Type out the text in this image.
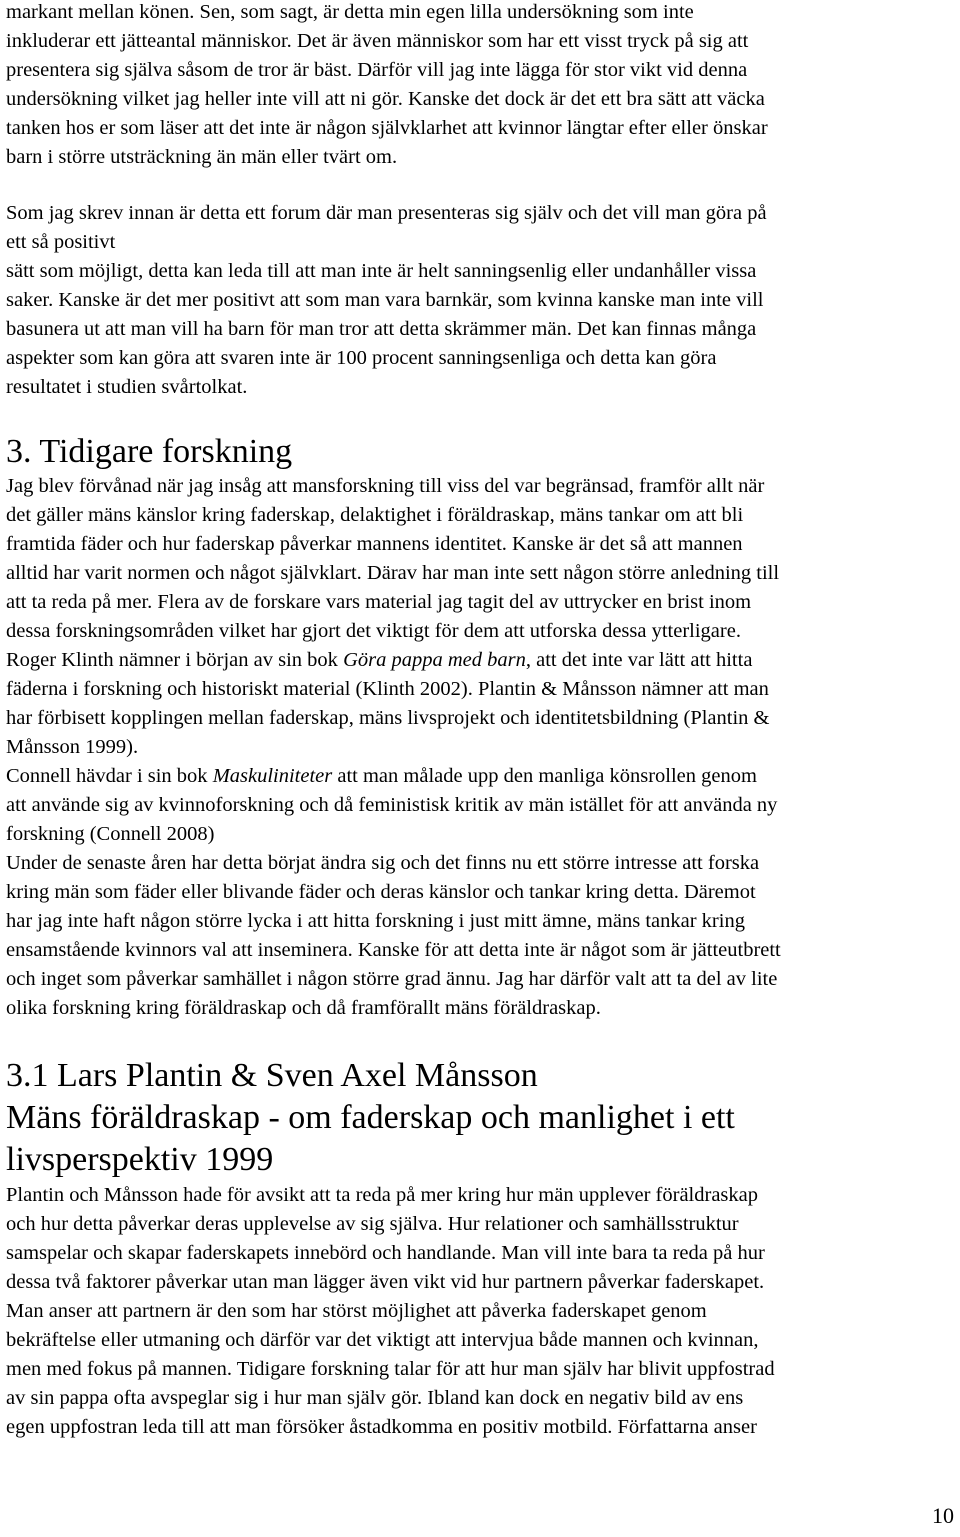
markant mellan könen. Sen, som sagt, är detta min egen lilla undersökning som inte
inkluderar ett jätteantal människor. Det är även människor som har ett visst tryck på sig att
presentera sig själva såsom de tror är bäst. Därför vill jag inte lägga för stor vikt vid denna
undersökning vilket jag heller inte vill att ni gör. Kanske det dock är det ett bra sätt att väcka
tanken hos er som läser att det inte är någon självklarhet att kvinnor längtar efter eller önskar
barn i större utsträckning än män eller tvärt om.

Som jag skrev innan är detta ett forum där man presenteras sig själv och det vill man göra på
ett så positivt
sätt som möjligt, detta kan leda till att man inte är helt sanningsenlig eller undanhåller vissa
saker. Kanske är det mer positivt att som man vara barnkär, som kvinna kanske man inte vill
basunera ut att man vill ha barn för man tror att detta skrämmer män. Det kan finnas många
aspekter som kan göra att svaren inte är 100 procent sanningsenliga och detta kan göra
resultatet i studien svårtolkat.

3. Tidigare forskning

Jag blev förvånad när jag insåg att mansforskning till viss del var begränsad, framför allt när
det gäller mäns känslor kring faderskap, delaktighet i föräldraskap, mäns tankar om att bli
framtida fäder och hur faderskap påverkar mannens identitet. Kanske är det så att mannen
alltid har varit normen och något självklart. Därav har man inte sett någon större anledning till
att ta reda på mer. Flera av de forskare vars material jag tagit del av uttrycker en brist inom
dessa forskningsområden vilket har gjort det viktigt för dem att utforska dessa ytterligare.
Roger Klinth nämner i början av sin bok Göra pappa med barn, att det inte var lätt att hitta
fäderna i forskning och historiskt material (Klinth 2002). Plantin & Månsson nämner att man
har förbisett kopplingen mellan faderskap, mäns livsprojekt och identitetsbildning (Plantin &
Månsson 1999).
Connell hävdar i sin bok Maskuliniteter att man målade upp den manliga könsrollen genom
att använde sig av kvinnoforskning och då feministisk kritik av män istället för att använda ny
forskning (Connell 2008)
Under de senaste åren har detta börjat ändra sig och det finns nu ett större intresse att forska
kring män som fäder eller blivande fäder och deras känslor och tankar kring detta. Däremot
har jag inte haft någon större lycka i att hitta forskning i just mitt ämne, mäns tankar kring
ensamstående kvinnors val att inseminera. Kanske för att detta inte är något som är jätteutbrett
och inget som påverkar samhället i någon större grad ännu. Jag har därför valt att ta del av lite
olika forskning kring föräldraskap och då framförallt mäns föräldraskap.

3.1 Lars Plantin & Sven Axel Månsson
Mäns föräldraskap - om faderskap och manlighet i ett
livsperspektiv 1999

Plantin och Månsson hade för avsikt att ta reda på mer kring hur män upplever föräldraskap
och hur detta påverkar deras upplevelse av sig själva. Hur relationer och samhällsstruktur
samspelar och skapar faderskapets innebörd och handlande. Man vill inte bara ta reda på hur
dessa två faktorer påverkar utan man lägger även vikt vid hur partnern påverkar faderskapet.
Man anser att partnern är den som har störst möjlighet att påverka faderskapet genom
bekräftelse eller utmaning och därför var det viktigt att intervjua både mannen och kvinnan,
men med fokus på mannen. Tidigare forskning talar för att hur man själv har blivit uppfostrad
av sin pappa ofta avspeglar sig i hur man själv gör. Ibland kan dock en negativ bild av ens
egen uppfostran leda till att man försöker åstadkomma en positiv motbild. Författarna anser

10
